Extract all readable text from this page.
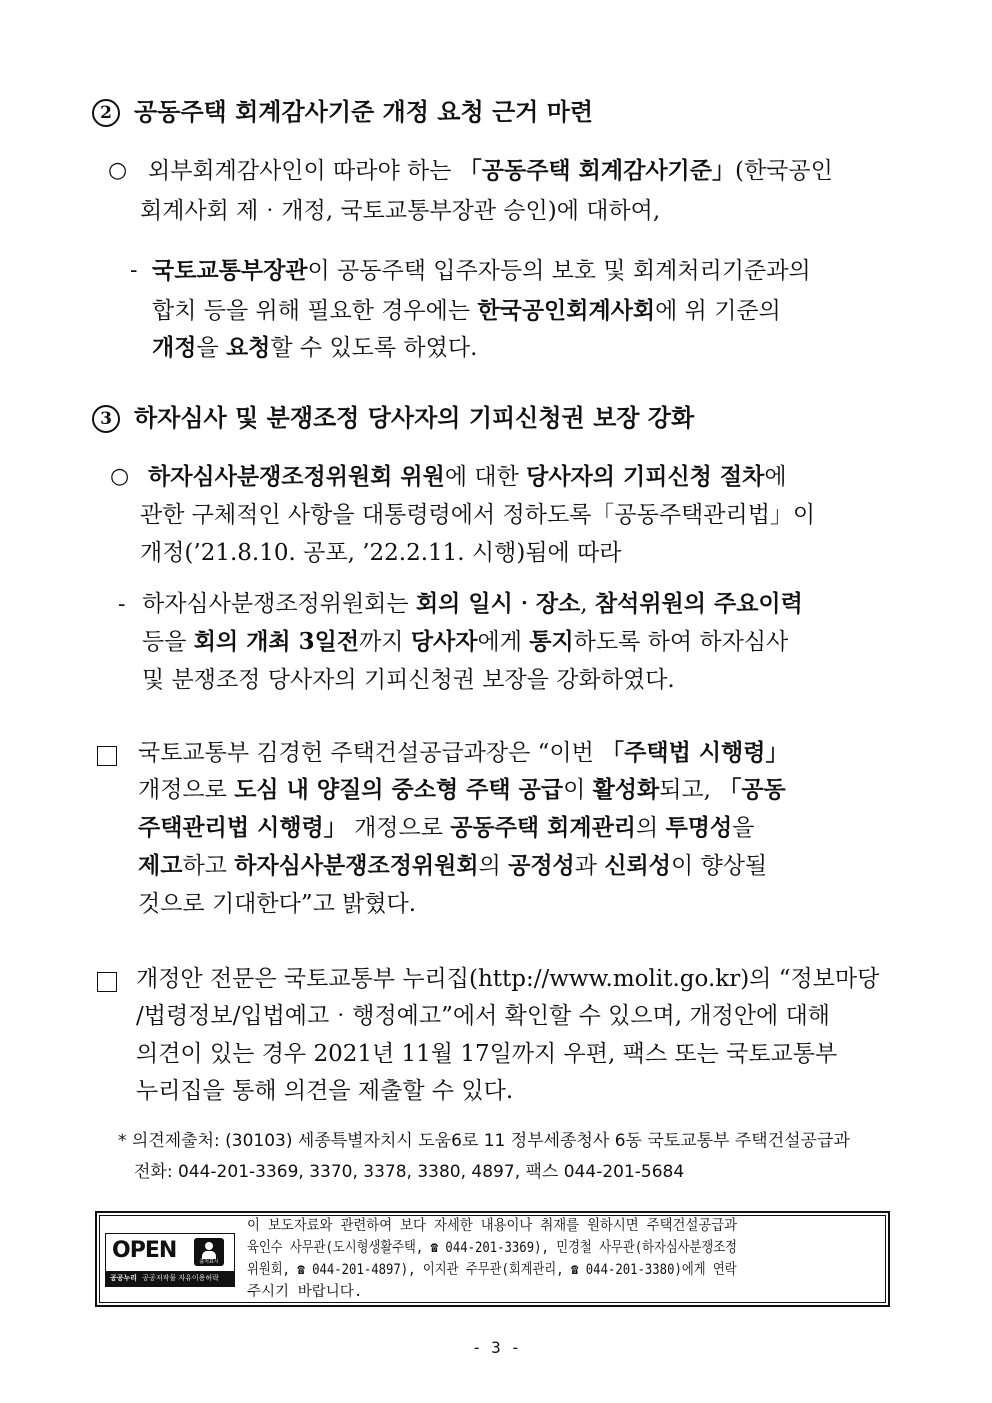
2 공동주택 회계감사기준 개정 요청 근거 마련
○ 외부회계감사인이 따라야 하는 「공동주택 회계감사기준」(한국공인
회계사회 제‧개정, 국토교통부장관 승인)에 대하여,
- 국토교통부장관이 공동주택 입주자등의 보호 및 회계처리기준과의
합치 등을 위해 필요한 경우에는 한국공인회계사회에 위 기준의
개정을 요청할 수 있도록 하였다.
3 하자심사 및 분쟁조정 당사자의 기피신청권 보장 강화
○ 하자심사분쟁조정위원회 위원에 대한 당사자의 기피신청 절차에
관한 구체적인 사항을 대통령령에서 정하도록「공동주택관리법」이
개정(’21.8.10. 공포, ’22.2.11. 시행)됨에 따라
- 하자심사분쟁조정위원회는 회의 일시‧장소, 참석위원의 주요이력
등을 회의 개최 3일전까지 당사자에게 통지하도록 하여 하자심사
및 분쟁조정 당사자의 기피신청권 보장을 강화하였다.
국토교통부 김경헌 주택건설공급과장은 “이번 「주택법 시행령」
개정으로 도심 내 양질의 중소형 주택 공급이 활성화되고, 「공동
주택관리법 시행령」 개정으로 공동주택 회계관리의 투명성을
제고하고 하자심사분쟁조정위원회의 공정성과 신뢰성이 향상될
것으로 기대한다”고 밝혔다.
개정안 전문은 국토교통부 누리집(http://www.molit.go.kr)의 “정보마당
/법령정보/입법예고‧행정예고”에서 확인할 수 있으며, 개정안에 대해
의견이 있는 경우 2021년 11월 17일까지 우편, 팩스 또는 국토교통부
누리집을 통해 의견을 제출할 수 있다.
* 의견제출처: (30103) 세종특별자치시 도움6로 11 정부세종청사 6동 국토교통부 주택건설공급과
전화: 044-201-3369, 3370, 3378, 3380, 4897, 팩스 044-201-5684
OPEN	출처표시
공공누리 공공저작물 자유이용허락
이 보도자료와 관련하여 보다 자세한 내용이나 취재를 원하시면 주택건설공급과
육인수 사무관(도시형생활주택, ☎ 044-201-3369), 민경철 사무관(하자심사분쟁조정
위원회, ☎ 044-201-4897), 이지관 주무관(회계관리, ☎ 044-201-3380)에게 연락
주시기 바랍니다.
- 3 -
